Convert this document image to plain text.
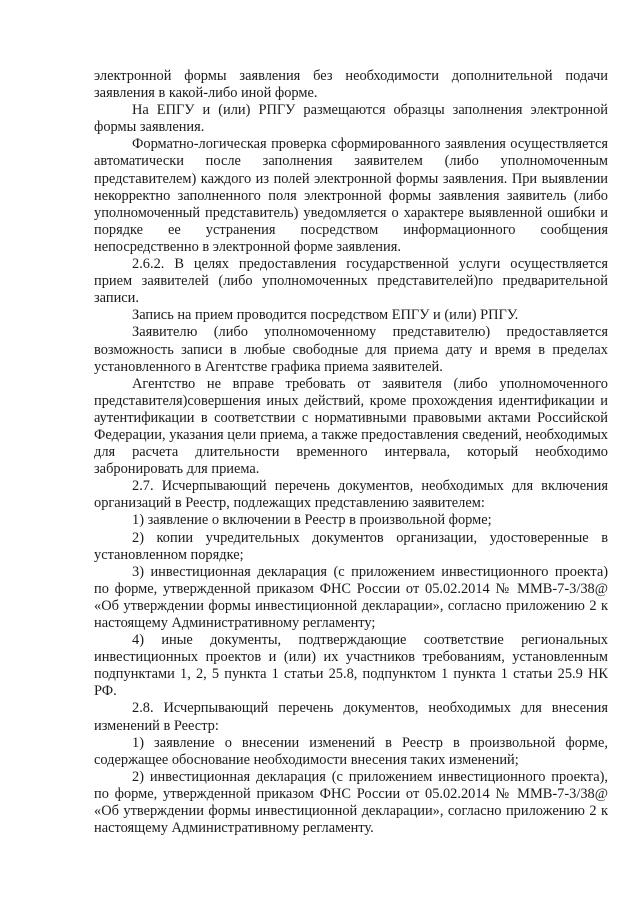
электронной формы заявления без необходимости дополнительной подачи заявления в какой-либо иной форме.

На ЕПГУ и (или) РПГУ размещаются образцы заполнения электронной формы заявления.

Форматно-логическая проверка сформированного заявления осуществляется автоматически после заполнения заявителем (либо уполномоченным представителем) каждого из полей электронной формы заявления. При выявлении некорректно заполненного поля электронной формы заявления заявитель (либо уполномоченный представитель) уведомляется о характере выявленной ошибки и порядке ее устранения посредством информационного сообщения непосредственно в электронной форме заявления.

2.6.2. В целях предоставления государственной услуги осуществляется прием заявителей (либо уполномоченных представителей)по предварительной записи.

Запись на прием проводится посредством ЕПГУ и (или) РПГУ.

Заявителю (либо уполномоченному представителю) предоставляется возможность записи в любые свободные для приема дату и время в пределах установленного в Агентстве графика приема заявителей.

Агентство не вправе требовать от заявителя (либо уполномоченного представителя)совершения иных действий, кроме прохождения идентификации и аутентификации в соответствии с нормативными правовыми актами Российской Федерации, указания цели приема, а также предоставления сведений, необходимых для расчета длительности временного интервала, который необходимо забронировать для приема.

2.7. Исчерпывающий перечень документов, необходимых для включения организаций в Реестр, подлежащих представлению заявителем:

1) заявление о включении в Реестр в произвольной форме;

2) копии учредительных документов организации, удостоверенные в установленном порядке;

3) инвестиционная декларация (с приложением инвестиционного проекта) по форме, утвержденной приказом ФНС России от 05.02.2014 № ММВ-7-3/38@ «Об утверждении формы инвестиционной декларации», согласно приложению 2 к настоящему Административному регламенту;

4) иные документы, подтверждающие соответствие региональных инвестиционных проектов и (или) их участников требованиям, установленным подпунктами 1, 2, 5 пункта 1 статьи 25.8, подпунктом 1 пункта 1 статьи 25.9 НК РФ.

2.8. Исчерпывающий перечень документов, необходимых для внесения изменений в Реестр:

1) заявление о внесении изменений в Реестр в произвольной форме, содержащее обоснование необходимости внесения таких изменений;

2) инвестиционная декларация (с приложением инвестиционного проекта), по форме, утвержденной приказом ФНС России от 05.02.2014 № ММВ-7-3/38@ «Об утверждении формы инвестиционной декларации», согласно приложению 2 к настоящему Административному регламенту.
